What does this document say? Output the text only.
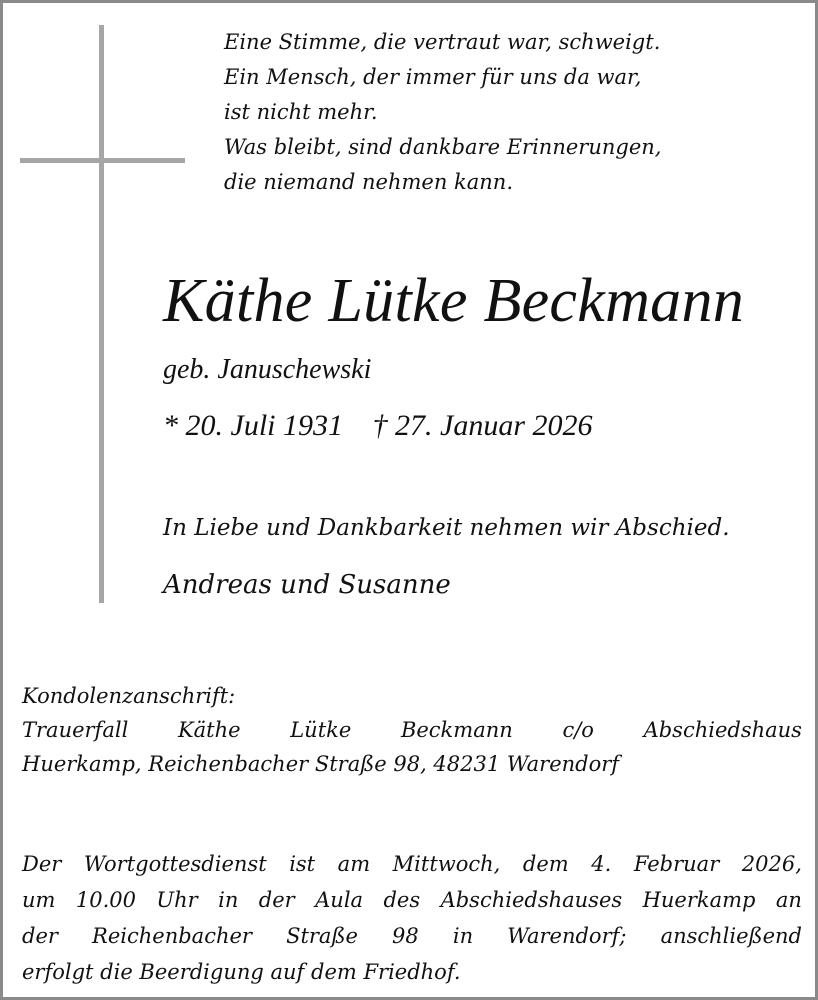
Eine Stimme, die vertraut war, schweigt.
Ein Mensch, der immer für uns da war,
ist nicht mehr.
Was bleibt, sind dankbare Erinnerungen,
die niemand nehmen kann.
Käthe Lütke Beckmann
geb. Januschewski
* 20. Juli 1931 † 27. Januar 2026
In Liebe und Dankbarkeit nehmen wir Abschied.
Andreas und Susanne
Kondolenzanschrift:
Trauerfall Käthe Lütke Beckmann c/o Abschiedshaus
Huerkamp, Reichenbacher Straße 98, 48231 Warendorf
Der Wortgottesdienst ist am Mittwoch, dem 4. Februar 2026,
um 10.00 Uhr in der Aula des Abschiedshauses Huerkamp an
der Reichenbacher Straße 98 in Warendorf; anschließend
erfolgt die Beerdigung auf dem Friedhof.
